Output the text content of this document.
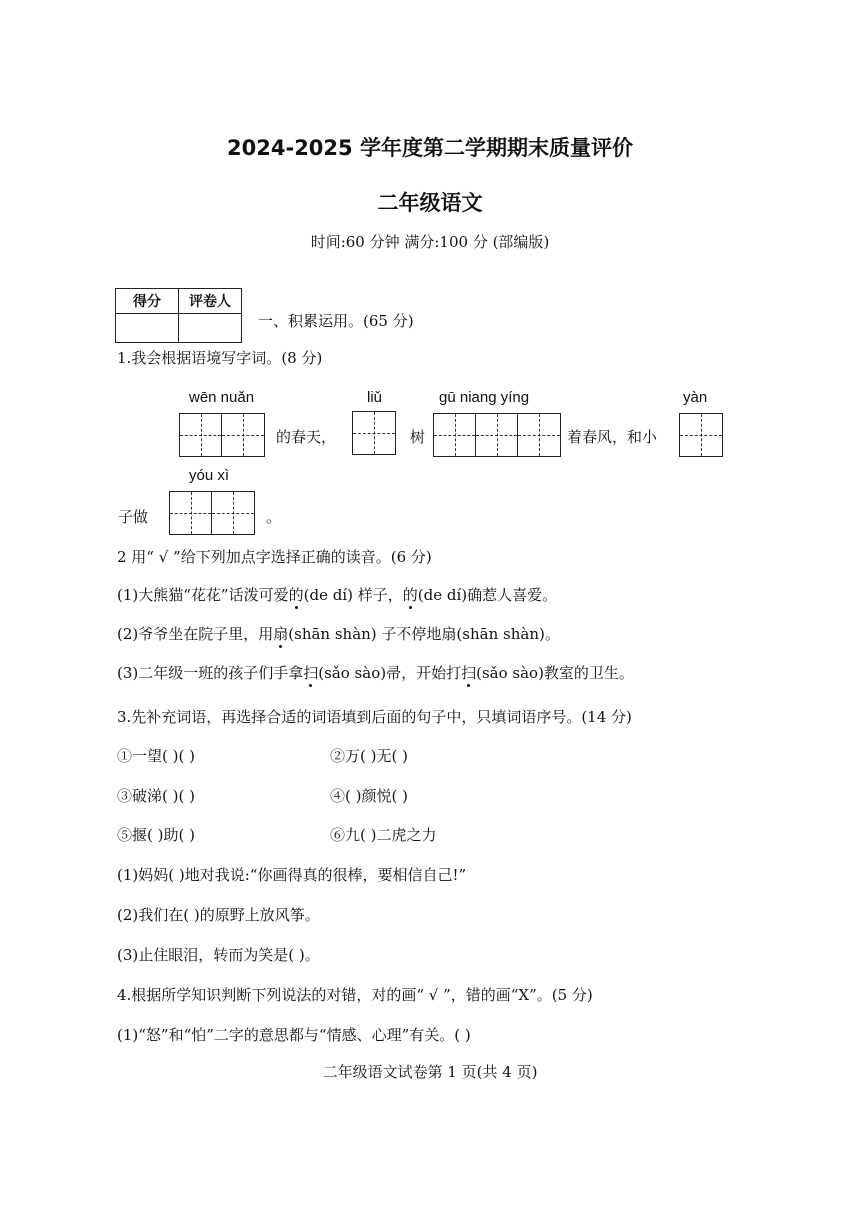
2024-2025 学年度第二学期期末质量评价
二年级语文
时间:60 分钟 满分:100 分 (部编版)
得分	评卷人

一、积累运用。(65 分)
1.我会根据语境写字词。(8 分)
wēn nuǎn	liǔ	gū niang yíng	yàn
的春天，	树	着春风，和小
yóu xì
子做	。
2 用“ √ ”给下列加点字选择正确的读音。(6 分)
(1)大熊猫“花花”话泼可爱的(de dí) 样子，的(de dí)确惹人喜爱。
(2)爷爷坐在院子里，用扇(shān shàn) 子不停地扇(shān shàn)。
(3)二年级一班的孩子们手拿扫(sǎo sào)帚，开始打扫(sǎo sào)教室的卫生。
3.先补充词语，再选择合适的词语填到后面的句子中，只填词语序号。(14 分)
①一望( )( )	②万( )无( )
③破涕( )( )	④( )颜悦( )
⑤揠( )助( )	⑥九( )二虎之力
(1)妈妈( )地对我说:“你画得真的很棒，要相信自己!”
(2)我们在( )的原野上放风筝。
(3)止住眼泪，转而为笑是( )。
4.根据所学知识判断下列说法的对错，对的画“ √ ”，错的画“X”。(5 分)
(1)“怒”和“怕”二字的意思都与“情感、心理”有关。( )
二年级语文试卷第 1 页(共 4 页)
